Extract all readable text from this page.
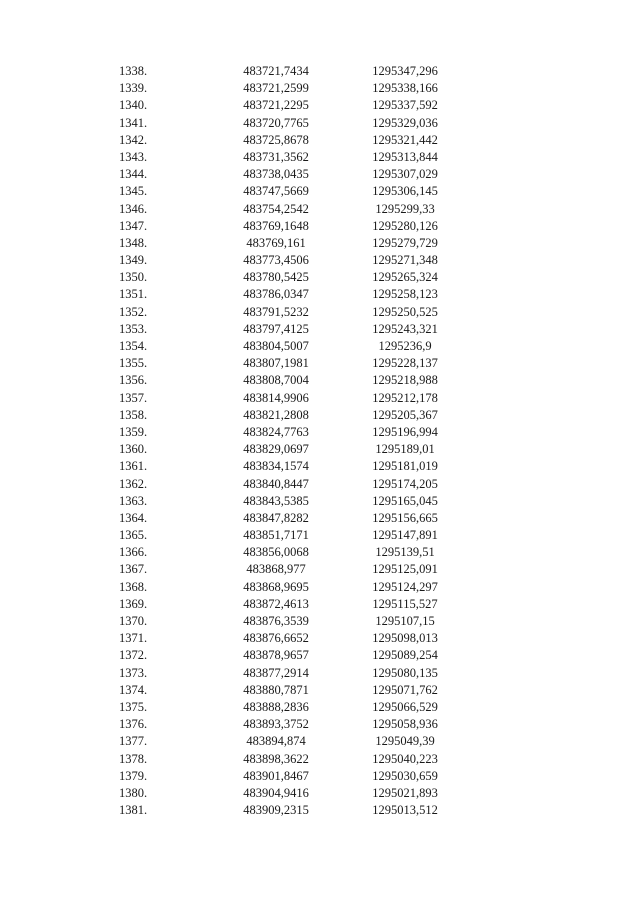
1338.	483721,7434	1295347,296
1339.	483721,2599	1295338,166
1340.	483721,2295	1295337,592
1341.	483720,7765	1295329,036
1342.	483725,8678	1295321,442
1343.	483731,3562	1295313,844
1344.	483738,0435	1295307,029
1345.	483747,5669	1295306,145
1346.	483754,2542	1295299,33
1347.	483769,1648	1295280,126
1348.	483769,161	1295279,729
1349.	483773,4506	1295271,348
1350.	483780,5425	1295265,324
1351.	483786,0347	1295258,123
1352.	483791,5232	1295250,525
1353.	483797,4125	1295243,321
1354.	483804,5007	1295236,9
1355.	483807,1981	1295228,137
1356.	483808,7004	1295218,988
1357.	483814,9906	1295212,178
1358.	483821,2808	1295205,367
1359.	483824,7763	1295196,994
1360.	483829,0697	1295189,01
1361.	483834,1574	1295181,019
1362.	483840,8447	1295174,205
1363.	483843,5385	1295165,045
1364.	483847,8282	1295156,665
1365.	483851,7171	1295147,891
1366.	483856,0068	1295139,51
1367.	483868,977	1295125,091
1368.	483868,9695	1295124,297
1369.	483872,4613	1295115,527
1370.	483876,3539	1295107,15
1371.	483876,6652	1295098,013
1372.	483878,9657	1295089,254
1373.	483877,2914	1295080,135
1374.	483880,7871	1295071,762
1375.	483888,2836	1295066,529
1376.	483893,3752	1295058,936
1377.	483894,874	1295049,39
1378.	483898,3622	1295040,223
1379.	483901,8467	1295030,659
1380.	483904,9416	1295021,893
1381.	483909,2315	1295013,512
